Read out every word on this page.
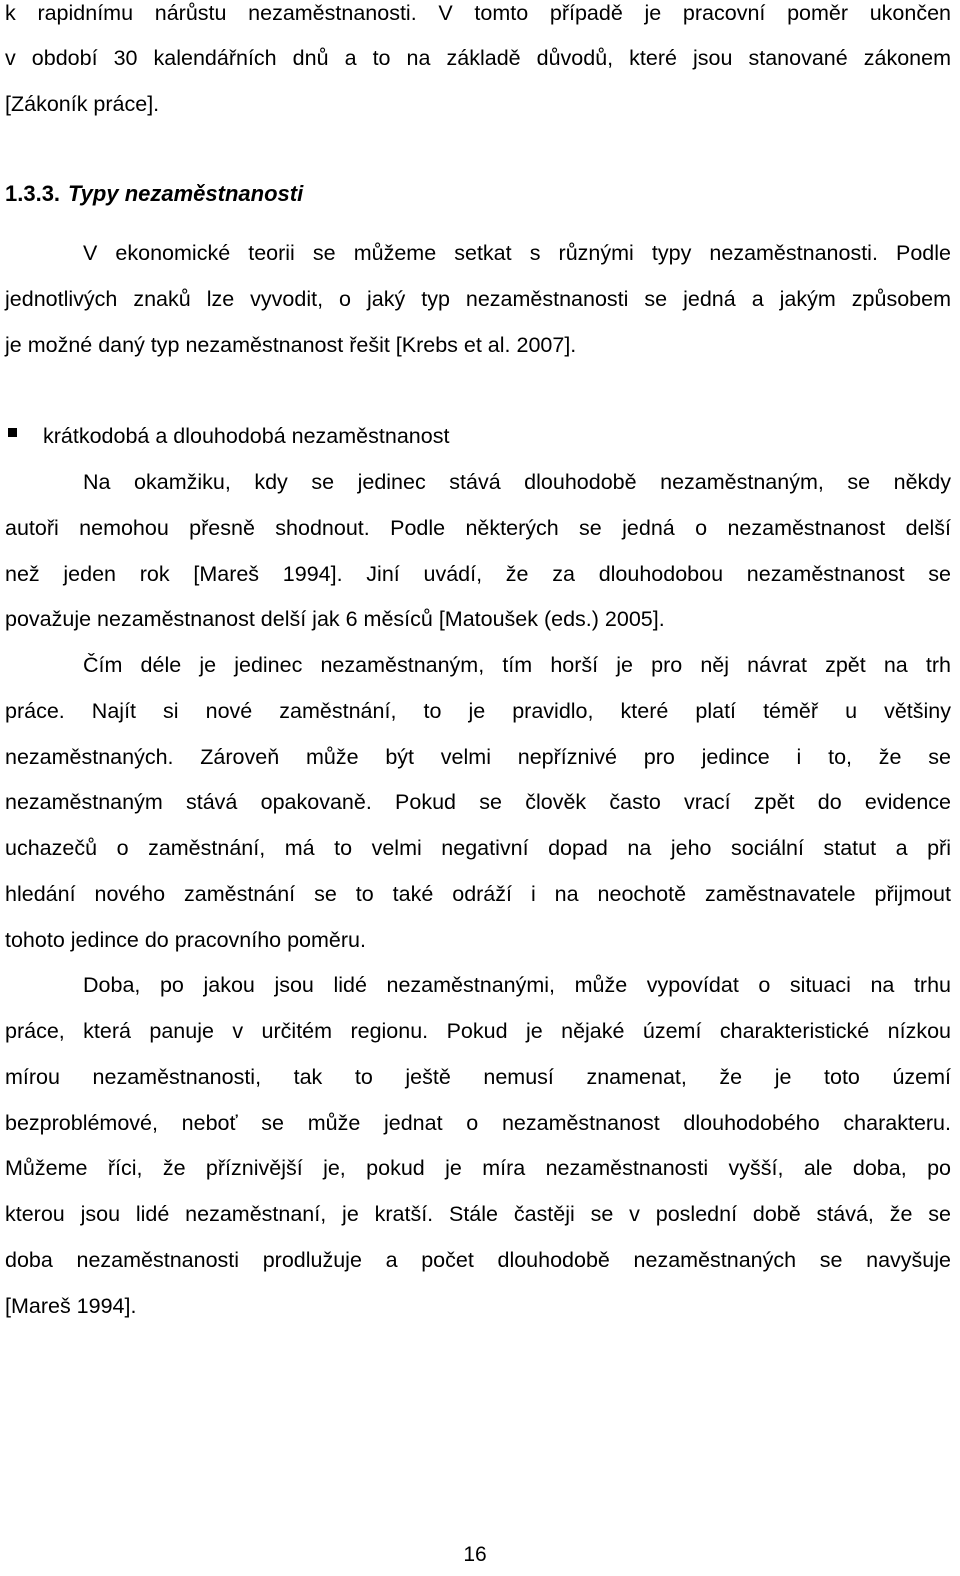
k rapidnímu nárůstu nezaměstnanosti. V tomto případě je pracovní poměr ukončen
v období 30 kalendářních dnů a to na základě důvodů, které jsou stanované zákonem
[Zákoník práce].
1.3.3. Typy nezaměstnanosti
V ekonomické teorii se můžeme setkat s různými typy nezaměstnanosti. Podle
jednotlivých znaků lze vyvodit, o jaký typ nezaměstnanosti se jedná a jakým způsobem
je možné daný typ nezaměstnanost řešit [Krebs et al. 2007].
krátkodobá a dlouhodobá nezaměstnanost
Na okamžiku, kdy se jedinec stává dlouhodobě nezaměstnaným, se někdy
autoři nemohou přesně shodnout. Podle některých se jedná o nezaměstnanost delší
než jeden rok [Mareš 1994]. Jiní uvádí, že za dlouhodobou nezaměstnanost se
považuje nezaměstnanost delší jak 6 měsíců [Matoušek (eds.) 2005].
Čím déle je jedinec nezaměstnaným, tím horší je pro něj návrat zpět na trh
práce. Najít si nové zaměstnání, to je pravidlo, které platí téměř u většiny
nezaměstnaných. Zároveň může být velmi nepříznivé pro jedince i to, že se
nezaměstnaným stává opakovaně. Pokud se člověk často vrací zpět do evidence
uchazečů o zaměstnání, má to velmi negativní dopad na jeho sociální statut a při
hledání nového zaměstnání se to také odráží i na neochotě zaměstnavatele přijmout
tohoto jedince do pracovního poměru.
Doba, po jakou jsou lidé nezaměstnanými, může vypovídat o situaci na trhu
práce, která panuje v určitém regionu. Pokud je nějaké území charakteristické nízkou
mírou nezaměstnanosti, tak to ještě nemusí znamenat, že je toto území
bezproblémové, neboť se může jednat o nezaměstnanost dlouhodobého charakteru.
Můžeme říci, že příznivější je, pokud je míra nezaměstnanosti vyšší, ale doba, po
kterou jsou lidé nezaměstnaní, je kratší. Stále častěji se v poslední době stává, že se
doba nezaměstnanosti prodlužuje a počet dlouhodobě nezaměstnaných se navyšuje
[Mareš 1994].
16
